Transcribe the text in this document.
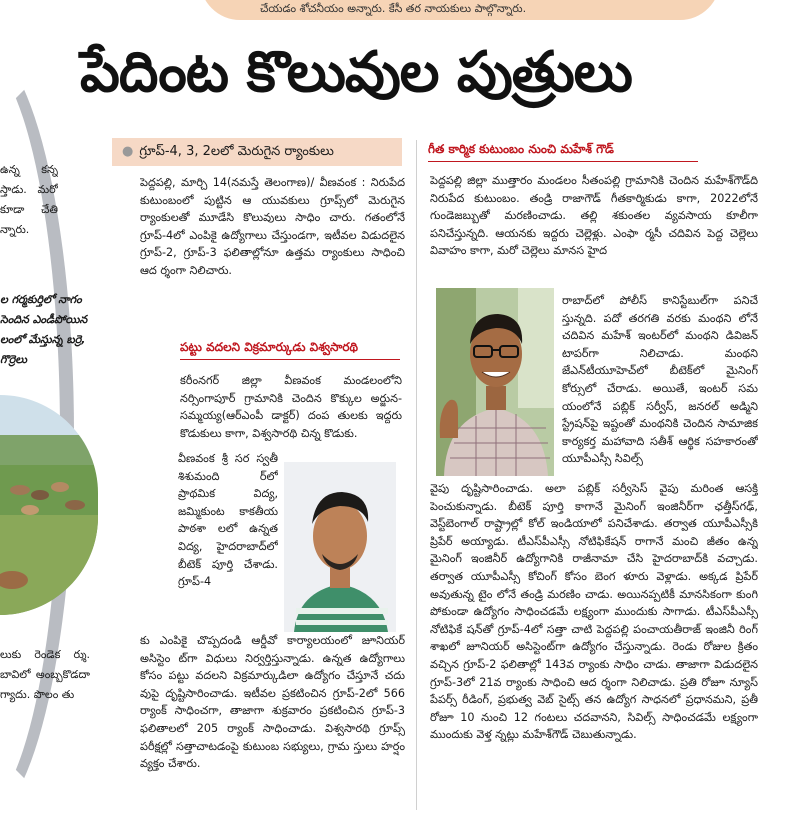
చేయడం శోచనీయం అన్నారు. కేసీ తర నాయకులు పాల్గొన్నారు.
ఉన్న కన్న స్తాడు. మరో కూడా చేతి న్నారు.
ల గర్మకుర్తిలో నాగం సెందిన ఎండీపోయిన లంలో మేస్తున్న బర్రె, గొర్రెలు
లుకు రెండెక ర్శు. బావిలో అంబ్బకొడదా గ్యాదు. పొలం తు
పేదింట కొలువుల పుత్రులు
● గ్రూప్-4, 3, 2లలో మెరుగైన ర్యాంకులు	గీత కార్మిక కుటుంబం నుంచి మహేశ్ గౌడ్
పట్టు వదలని విక్రమార్కుడు విశ్వసారథి
పెద్దపల్లి, మార్చి 14(నమస్తే తెలంగాణ)/ వీణవంక : నిరుపేద కుటుంబంలో పుట్టిన ఆ యువకులు గ్రూప్స్‌లో మెరుగైన ర్యాంకులతో మూడేసి కొలువులు సాధిం చారు. గతంలోనే గ్రూప్-4లో ఎంపికై ఉద్యోగాలు చేస్తుండగా, ఇటీవల విడుదలైన గ్రూప్-2, గ్రూప్-3 ఫలితాల్లోనూ ఉత్తమ ర్యాంకులు సాధించి ఆద ర్శంగా నిలిచారు.
కరీంనగర్ జిల్లా వీణవంక మండలంలోని నర్సింగాపూర్ గ్రామానికి చెందిన కొక్కుల అర్జున-సమ్మయ్య(ఆర్ఎంపీ డాక్టర్) దంప తులకు ఇద్దరు కొడుకులు కాగా, విశ్వసారథి చిన్న కొడుకు.
వీణవంక శ్రీ సర స్వతీ శిశుమంది ర్‌లో ప్రాథమిక విద్య, జమ్మికుంట కాకతీయ పాఠశా లలో ఉన్నత విద్య, హైదరాబాద్‌లో బీటెక్ పూర్తి చేశాడు. గ్రూప్-4
కు ఎంపికై చొప్పదండి ఆర్డీవో కార్యాలయంలో జూనియర్ అసిస్టెం ట్‌గా విధులు నిర్వర్తిస్తున్నాడు. ఉన్నత ఉద్యోగాలు కోసం పట్టు వదలని విక్రమార్కుడిలా ఉద్యోగం చేస్తూనే చదు వుపై దృష్టిసారించాడు. ఇటీవల ప్రకటించిన గ్రూప్-2లో 566 ర్యాంక్ సాధించగా, తాజాగా శుక్రవారం ప్రకటించిన గ్రూప్-3 ఫలితాలలో 205 ర్యాంక్ సాధించాడు. విశ్వసారథి గ్రూప్స్ పరీక్షల్లో సత్తాచాటడంపై కుటుంబ సభ్యులు, గ్రామ స్తులు హర్షం వ్యక్తం చేశారు.
పెద్దపల్లి జిల్లా ముత్తారం మండలం సీతంపల్లి గ్రామానికి చెందిన మహేశ్‌గౌడ్‌ది నిరుపేద కుటుంబం. తండ్రి రాజాగౌడ్ గీతకార్మికుడు కాగా, 2022లోనే గుండెజబ్బుతో మరణించాడు. తల్లి శకుంతల వ్యవసాయ కూలీగా పనిచేస్తున్నది. ఆయనకు ఇద్దరు చెల్లెళ్లు. ఎంఫా ర్మసీ చదివిన పెద్ద చెల్లెలు వివాహం కాగా, మరో చెల్లెలు మానస హైద
రాబాద్‌లో పోలీస్ కానిస్టేబుల్‌గా పనిచే స్తున్నది. పదో తరగతి వరకు మంథని లోనే చదివిన మహేశ్ ఇంటర్‌లో మంథని డివిజన్ టాపర్‌గా నిలిచాడు. మంథని జేఎన్‌టీయూహెచ్‌లో బీటెక్‌లో మైనింగ్ కోర్సులో చేరాడు. అయితే, ఇంటర్ సమ యంలోనే పబ్లిక్ సర్వీస్, జనరల్ అడ్మిని స్ట్రేషన్‌పై ఇష్టంతో మంథనికి చెందిన సామాజిక కార్యకర్త మహావాది సతీశ్ ఆర్థిక సహకారంతో యూపీఎస్సీ సివిల్స్
వైపు దృష్టిసారించాడు. అలా పబ్లిక్ సర్వీసెస్ వైపు మరింత ఆసక్తి పెంచుకున్నాడు. బీటెక్ పూర్తి కాగానే మైనింగ్ ఇంజినీర్‌గా ఛత్తీస్‌గఢ్, వెస్ట్‌బెంగాల్ రాష్ట్రాల్లో కోల్ ఇండియాలో పనిచేశాడు. తర్వాత యూపీఎస్సీకి ప్రిపేర్ అయ్యాడు. టీఎస్‌పీఎస్సీ నోటిఫికేషన్ రాగానే మంచి జీతం ఉన్న మైనింగ్ ఇంజినీర్ ఉద్యోగానికి రాజీనామా చేసి హైదరాబాద్‌కి వచ్చాడు. తర్వాత యూపీఎస్సీ కోచింగ్ కోసం బెంగ ళూరు వెళ్లాడు. అక్కడ ప్రిపేర్ అవుతున్న టైం లోనే తండ్రి మరణిం చాడు. అయినప్పటికీ మానసికంగా కుంగి పోకుండా ఉద్యోగం సాధించడమే లక్ష్యంగా ముందుకు సాగాడు. టీఎస్‌పీఎస్సీ నోటిఫికే షన్‌తో గ్రూప్-4లో సత్తా చాటి పెద్దపల్లి పంచాయతీరాజ్ ఇంజినీ రింగ్ శాఖలో జూనియర్ అసిస్టెంట్‌గా ఉద్యోగం చేస్తున్నాడు. రెండు రోజుల క్రితం వచ్చిన గ్రూప్-2 ఫలితాల్లో 143వ ర్యాంకు సాధిం చాడు. తాజాగా విడుదలైన గ్రూప్-3లో 21వ ర్యాంకు సాధించి ఆద ర్శంగా నిలిచాడు. ప్రతి రోజూ న్యూస్ పేపర్స్ రీడింగ్, ప్రభుత్వ వెబ్ సైట్స్ తన ఉద్యోగ సాధనలో ప్రధానమని, ప్రతీ రోజూ 10 నుంచి 12 గంటలు చదవానని, సివిల్స్ సాధించడమే లక్ష్యంగా ముందుకు వెళ్త న్నట్లు మహేశ్‌గౌడ్ చెబుతున్నాడు.
